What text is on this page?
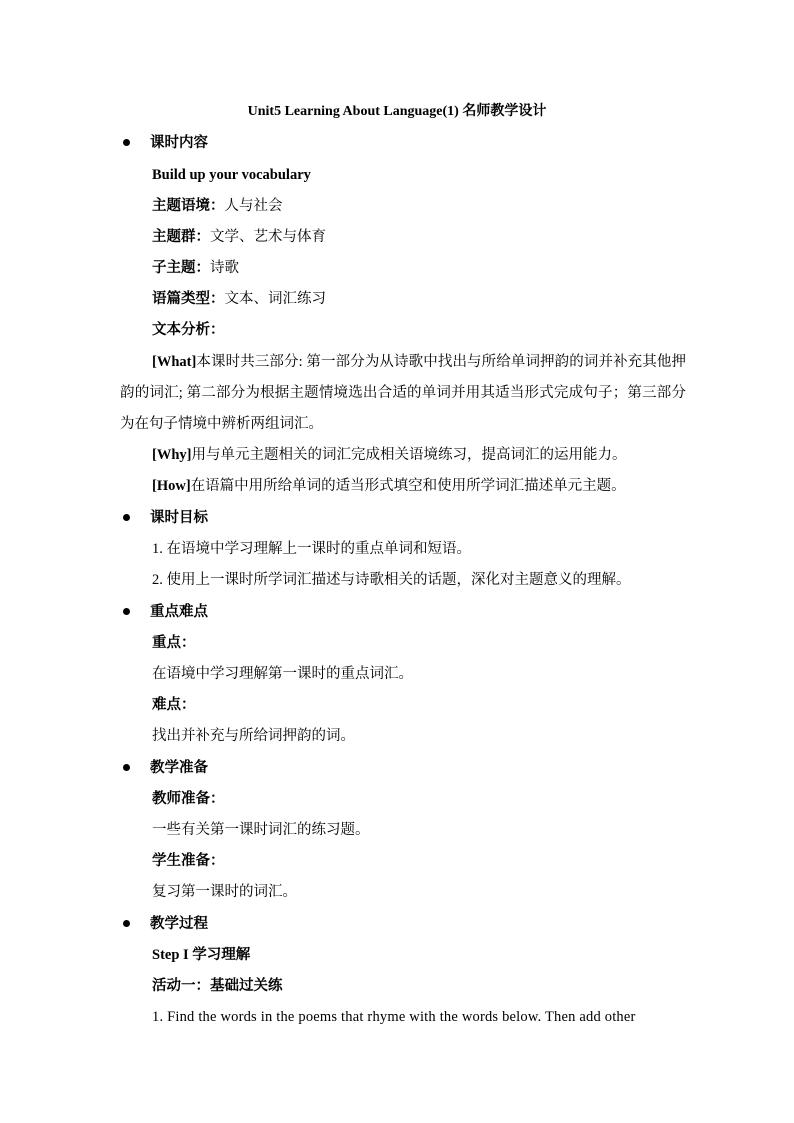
Unit5 Learning About Language(1) 名师教学设计
课时内容
Build up your vocabulary
主题语境：人与社会
主题群：文学、艺术与体育
子主题：诗歌
语篇类型：文本、词汇练习
文本分析：

[What]本课时共三部分: 第一部分为从诗歌中找出与所给单词押韵的词并补充其他押韵的词汇; 第二部分为根据主题情境选出合适的单词并用其适当形式完成句子；第三部分为在句子情境中辨析两组词汇。

[Why]用与单元主题相关的词汇完成相关语境练习，提高词汇的运用能力。
[How]在语篇中用所给单词的适当形式填空和使用所学词汇描述单元主题。
课时目标
1. 在语境中学习理解上一课时的重点单词和短语。
2. 使用上一课时所学词汇描述与诗歌相关的话题，深化对主题意义的理解。
重点难点
重点：
在语境中学习理解第一课时的重点词汇。
难点：
找出并补充与所给词押韵的词。
教学准备
教师准备：
一些有关第一课时词汇的练习题。
学生准备：
复习第一课时的词汇。
教学过程
Step I 学习理解
活动一：基础过关练
1. Find the words in the poems that rhyme with the words below. Then add other
